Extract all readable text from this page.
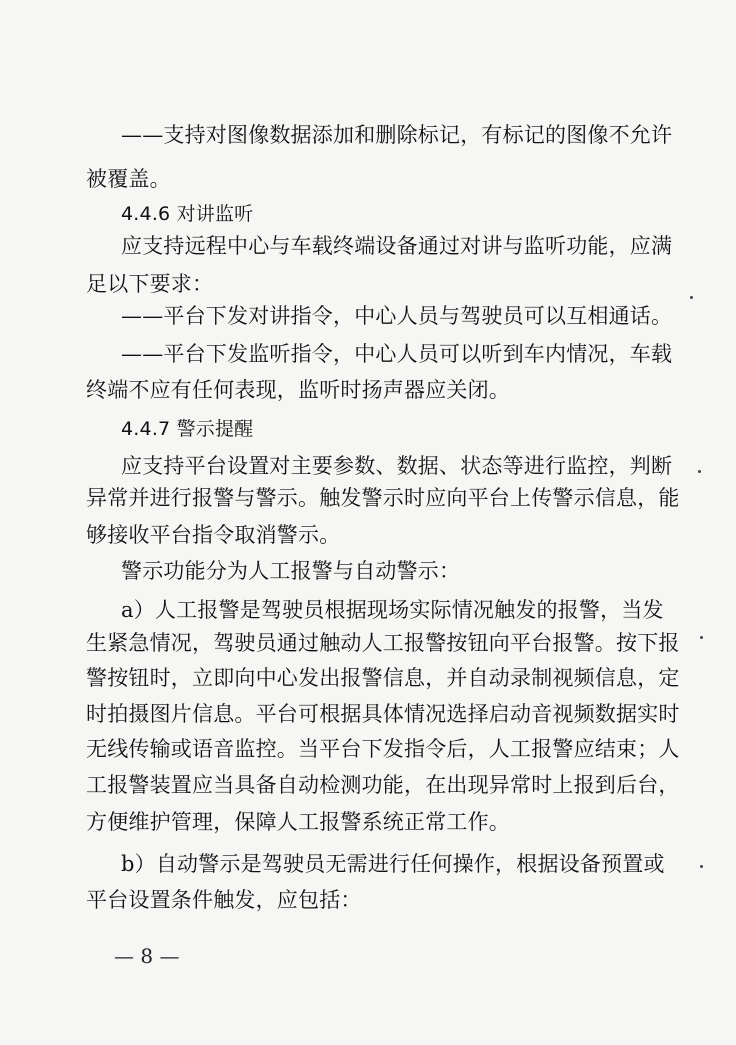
——支持对图像数据添加和删除标记，有标记的图像不允许
被覆盖。
4.4.6 对讲监听
应支持远程中心与车载终端设备通过对讲与监听功能，应满
足以下要求：
——平台下发对讲指令，中心人员与驾驶员可以互相通话。
——平台下发监听指令，中心人员可以听到车内情况，车载
终端不应有任何表现，监听时扬声器应关闭。
4.4.7 警示提醒
应支持平台设置对主要参数、数据、状态等进行监控，判断
异常并进行报警与警示。触发警示时应向平台上传警示信息，能
够接收平台指令取消警示。
警示功能分为人工报警与自动警示：
a）人工报警是驾驶员根据现场实际情况触发的报警，当发
生紧急情况，驾驶员通过触动人工报警按钮向平台报警。按下报
警按钮时，立即向中心发出报警信息，并自动录制视频信息，定
时拍摄图片信息。平台可根据具体情况选择启动音视频数据实时
无线传输或语音监控。当平台下发指令后，人工报警应结束；人
工报警装置应当具备自动检测功能，在出现异常时上报到后台，
方便维护管理，保障人工报警系统正常工作。
b）自动警示是驾驶员无需进行任何操作，根据设备预置或
平台设置条件触发，应包括：
— 8 —
